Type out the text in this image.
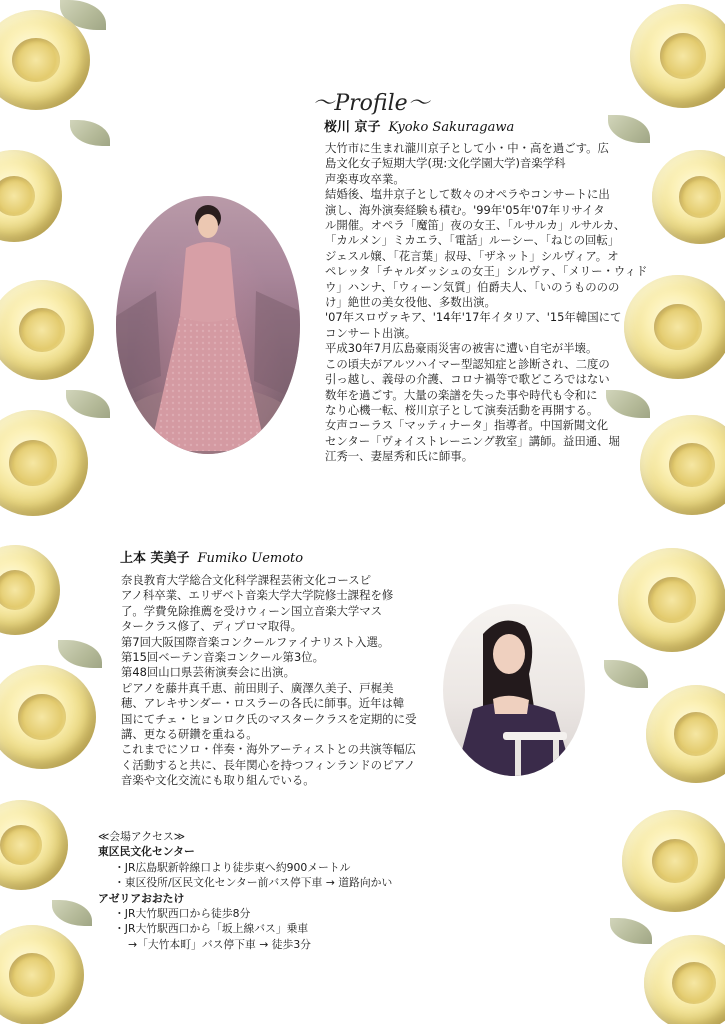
～Profile～
桜川 京子 Kyoko Sakuragawa

大竹市に生まれ瀧川京子として小・中・高を過ごす。広

島文化女子短期大学(現:文化学園大学)音楽学科

声楽専攻卒業。

結婚後、塩井京子として数々のオペラやコンサートに出

演し、海外演奏経験も積む。'99年'05年'07年リサイタ

ル開催。オペラ「魔笛」夜の女王、「ルサルカ」ルサルカ、

「カルメン」ミカエラ、「電話」ルーシー、「ねじの回転」

ジェスル嬢、「花言葉」叔母、「ザネット」シルヴィア。オ

ペレッタ「チャルダッシュの女王」シルヴァ、「メリー・ウィド

ウ」ハンナ、「ウィーン気質」伯爵夫人、「いのうもののの

け」絶世の美女役他、多数出演。

'07年スロヴァキア、'14年'17年イタリア、'15年韓国にて

コンサート出演。

平成30年7月広島豪雨災害の被害に遭い自宅が半壊。

この頃夫がアルツハイマー型認知症と診断され、二度の

引っ越し、義母の介護、コロナ禍等で歌どころではない

数年を過ごす。大量の楽譜を失った事や時代も令和に

なり心機一転、桜川京子として演奏活動を再開する。

女声コーラス「マッティナータ」指導者。中国新聞文化

センター「ヴォイストレーニング教室」講師。益田通、堀

江秀一、妻屋秀和氏に師事。

上本 芙美子 Fumiko Uemoto

奈良教育大学総合文化科学課程芸術文化コースピ

アノ科卒業、エリザベト音楽大学大学院修士課程を修

了。学費免除推薦を受けウィーン国立音楽大学マス

タークラス修了、ディプロマ取得。

第7回大阪国際音楽コンクールファイナリスト入選。

第15回ベーテン音楽コンクール第3位。

第48回山口県芸術演奏会に出演。

ピアノを藤井真千恵、前田則子、廣澤久美子、戸梶美

穂、アレキサンダー・ロスラーの各氏に師事。近年は韓

国にてチェ・ヒョンロク氏のマスタークラスを定期的に受

講、更なる研鑽を重ねる。

これまでにソロ・伴奏・海外アーティストとの共演等幅広

く活動すると共に、長年関心を持つフィンランドのピアノ

音楽や文化交流にも取り組んでいる。

≪会場アクセス≫
東区民文化センター
・JR広島駅新幹線口より徒歩東へ約900メートル
・東区役所/区民文化センター前バス停下車 → 道路向かい
アゼリアおおたけ
・JR大竹駅西口から徒歩8分
・JR大竹駅西口から「坂上線バス」乗車
→「大竹本町」バス停下車 → 徒歩3分
